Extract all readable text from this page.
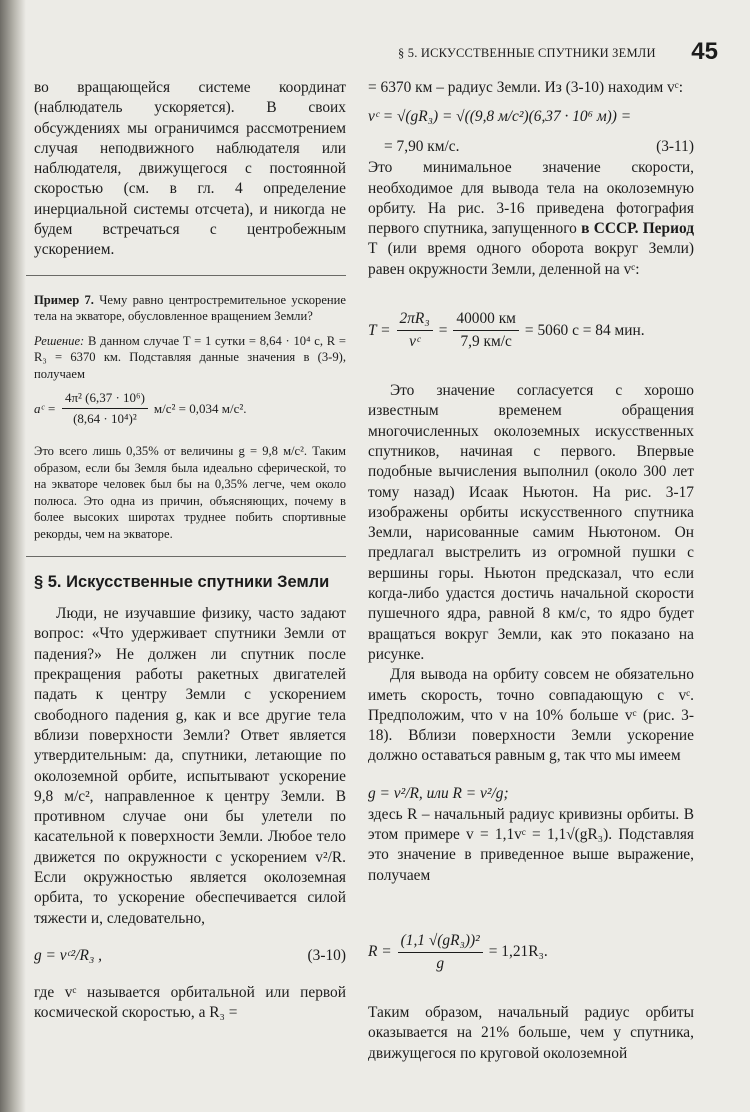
§ 5. ИСКУССТВЕННЫЕ СПУТНИКИ ЗЕМЛИ 45

во вращающейся системе координат (наблюдатель ускоряется). В своих обсуждениях мы ограничимся рассмотрением случая неподвижного наблюдателя или наблюдателя, движущегося с постоянной скоростью (см. в гл. 4 определение инерциальной системы отсчета), и никогда не будем встречаться с центробежным ускорением.

Пример 7. Чему равно центростремительное ускорение тела на экваторе, обусловленное вращением Земли?

Решение: В данном случае T = 1 сутки = 8,64 · 10⁴ с, R = R₃ = 6370 км. Подставляя данные значения в (3-9), получаем

aᶜ = $\frac{\text{4π² (6,37 · 10⁶)}}{\text{(8,64 · 10⁴)²}} м/с^2 = 0,034$ м/с².

Это всего лишь 0,35% от величины g = 9,8 м/с². Таким образом, если бы Земля была идеально сферической, то на экваторе человек был бы на 0,35% легче, чем около полюса. Это одна из причин, объясняющих, почему в более высоких широтах труднее побить спортивные рекорды, чем на экваторе.

§ 5. Искусственные спутники Земли

Люди, не изучавшие физику, часто задают вопрос: «Что удерживает спутники Земли от падения?» Не должен ли спутник после прекращения работы ракетных двигателей падать к центру Земли с ускорением свободного падения g, как и все другие тела вблизи поверхности Земли? Ответ является утвердительным: да, спутники, летающие по околоземной орбите, испытывают ускорение 9,8 м/с², направленное к центру Земли. В противном случае они бы улетели по касательной к поверхности Земли. Любое тело движется по окружности с ускорением v²/R. Если окружностью является околоземная орбита, то ускорение обеспечивается силой тяжести и, следовательно,

g = vᶜ²/R₃ ,	(3-10)

где vᶜ называется орбитальной или первой космической скоростью, а R₃ =

= 6370 км – радиус Земли. Из (3-10) находим vᶜ:

vᶜ = √(gR₃) = √((9,8 м/с²)(6,37 · 10⁶ м)) =
= 7,90 км/с.	(3-11)

Это минимальное значение скорости, необходимое для вывода тела на околоземную орбиту. На рис. 3-16 приведена фотография первого спутника, запущенного в СССР. Период T (или время одного оборота вокруг Земли) равен окружности Земли, деленной на vᶜ:

$T = \frac{\text{2πR₃}}{\text{vᶜ}} = \frac{40000 км}{7,9 км/с} = 5060$ с = 84 мин.

Это значение согласуется с хорошо известным временем обращения многочисленных околоземных искусственных спутников, начиная с первого. Впервые подобные вычисления выполнил (около 300 лет тому назад) Исаак Ньютон. На рис. 3-17 изображены орбиты искусственного спутника Земли, нарисованные самим Ньютоном. Он предлагал выстрелить из огромной пушки с вершины горы. Ньютон предсказал, что если когда-либо удастся достичь начальной скорости пушечного ядра, равной 8 км/с, то ядро будет вращаться вокруг Земли, как это показано на рисунке.

Для вывода на орбиту совсем не обязательно иметь скорость, точно совпадающую с vᶜ. Предположим, что v на 10% больше vᶜ (рис. 3-18). Вблизи поверхности Земли ускорение должно оставаться равным g, так что мы имеем

g = v²/R, или R = v²/g;

здесь R – начальный радиус кривизны орбиты. В этом примере v = 1,1vᶜ = 1,1√(gR₃). Подставляя это значение в приведенное выше выражение, получаем

$R = \frac{\text{(1,1 √(gR₃))²}}{g} = 1,21R_3$.

Таким образом, начальный радиус орбиты оказывается на 21% больше, чем у спутника, движущегося по круговой околоземной
